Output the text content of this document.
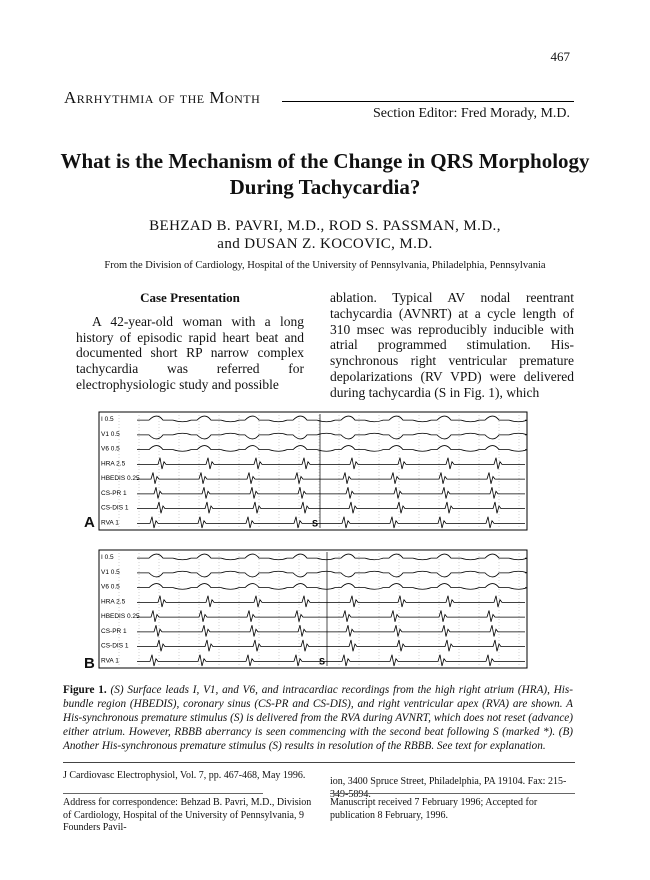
467
Arrhythmia of the Month
Section Editor: Fred Morady, M.D.
What is the Mechanism of the Change in QRS Morphology During Tachycardia?
BEHZAD B. PAVRI, M.D., ROD S. PASSMAN, M.D.,
and DUSAN Z. KOCOVIC, M.D.
From the Division of Cardiology, Hospital of the University of Pennsylvania, Philadelphia, Pennsylvania
Case Presentation

A 42-year-old woman with a long history of episodic rapid heart beat and documented short RP narrow complex tachycardia was referred for electrophysiologic study and possible

ablation. Typical AV nodal reentrant tachycardia (AVNRT) at a cycle length of 310 msec was reproducibly inducible with atrial programmed stimulation. His-synchronous right ventricular premature depolarizations (RV VPD) were delivered during tachycardia (S in Fig. 1), which

I 0.5
V1 0.5
V6 0.5
HRA 2.5
HBEDIS 0.25
CS-PR 1
CS-DIS 1
RVA 1	S
I 0.5
V1 0.5
V6 0.5
HRA 2.5
HBEDIS 0.25
CS-PR 1
CS-DIS 1
RVA 1	S
A
B
Figure 1. (S) Surface leads I, V1, and V6, and intracardiac recordings from the high right atrium (HRA), His-bundle region (HBEDIS), coronary sinus (CS-PR and CS-DIS), and right ventricular apex (RVA) are shown. A His-synchronous premature stimulus (S) is delivered from the RVA during AVNRT, which does not reset (advance) either atrium. However, RBBB aberrancy is seen commencing with the second beat following S (marked *). (B) Another His-synchronous premature stimulus (S) results in resolution of the RBBB. See text for explanation.
J Cardiovasc Electrophysiol, Vol. 7, pp. 467-468, May 1996.
Address for correspondence: Behzad B. Pavri, M.D., Division of Cardiology, Hospital of the University of Pennsylvania, 9 Founders Pavil-
ion, 3400 Spruce Street, Philadelphia, PA 19104. Fax: 215-349-5894.
Manuscript received 7 February 1996; Accepted for publication 8 February, 1996.
